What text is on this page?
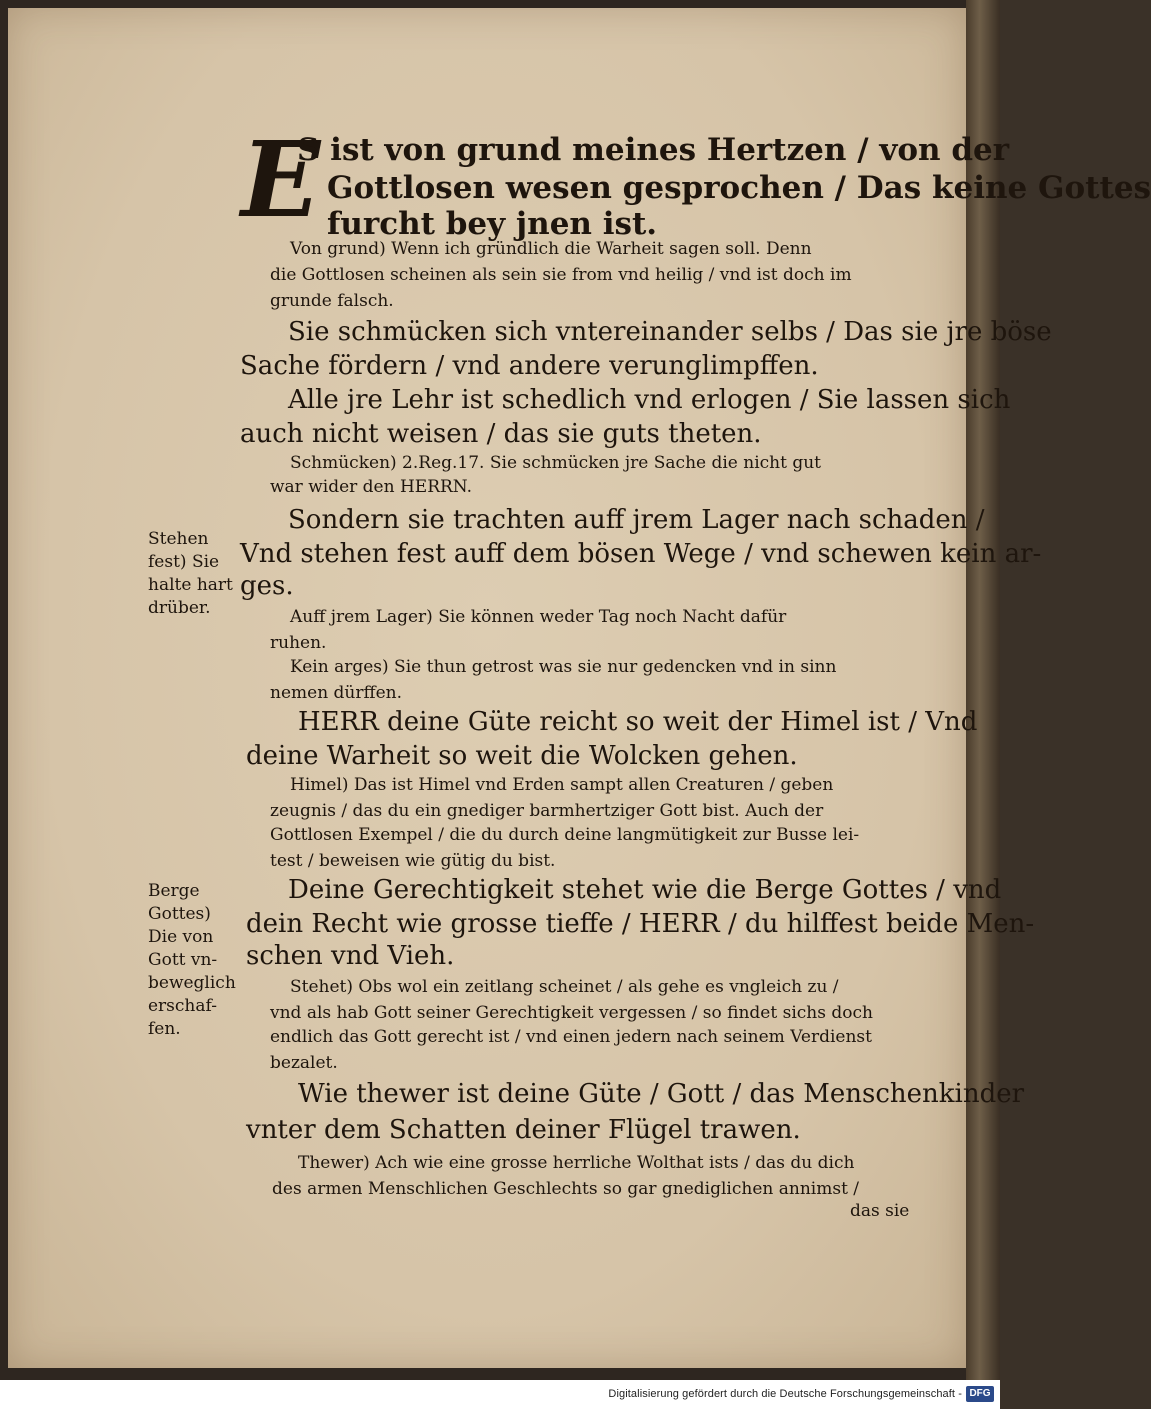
E
S ist von grund meines Hertzen / von der
Gottlosen wesen gesprochen / Das keine Gottes
furcht bey jnen ist.
Von grund) Wenn ich gründlich die Warheit sagen soll. Denn
die Gottlosen scheinen als sein sie from vnd heilig / vnd ist doch im
grunde falsch.
Sie schmücken sich vntereinander selbs / Das sie jre böse
Sache fördern / vnd andere verunglimpffen.
Alle jre Lehr ist schedlich vnd erlogen / Sie lassen sich
auch nicht weisen / das sie guts theten.
Schmücken) 2.Reg.17. Sie schmücken jre Sache die nicht gut
war wider den HERRN.
Sondern sie trachten auff jrem Lager nach schaden /
Vnd stehen fest auff dem bösen Wege / vnd schewen kein ar-
ges.
Auff jrem Lager) Sie können weder Tag noch Nacht dafür
ruhen.
Kein arges) Sie thun getrost was sie nur gedencken vnd in sinn
nemen dürffen.
HERR deine Güte reicht so weit der Himel ist / Vnd
deine Warheit so weit die Wolcken gehen.
Himel) Das ist Himel vnd Erden sampt allen Creaturen / geben
zeugnis / das du ein gnediger barmhertziger Gott bist. Auch der
Gottlosen Exempel / die du durch deine langmütigkeit zur Busse lei-
test / beweisen wie gütig du bist.
Deine Gerechtigkeit stehet wie die Berge Gottes / vnd
dein Recht wie grosse tieffe / HERR / du hilffest beide Men-
schen vnd Vieh.
Stehet) Obs wol ein zeitlang scheinet / als gehe es vngleich zu /
vnd als hab Gott seiner Gerechtigkeit vergessen / so findet sichs doch
endlich das Gott gerecht ist / vnd einen jedern nach seinem Verdienst
bezalet.
Wie thewer ist deine Güte / Gott / das Menschenkinder
vnter dem Schatten deiner Flügel trawen.
Thewer) Ach wie eine grosse herrliche Wolthat ists / das du dich
des armen Menschlichen Geschlechts so gar gnediglichen annimst /
das sie
Stehen
fest) Sie
halte hart
drüber.
Berge
Gottes)
Die von
Gott vn-
beweglich
erschaf-
fen.
Digitalisierung gefördert durch die Deutsche Forschungsgemeinschaft - DFG
